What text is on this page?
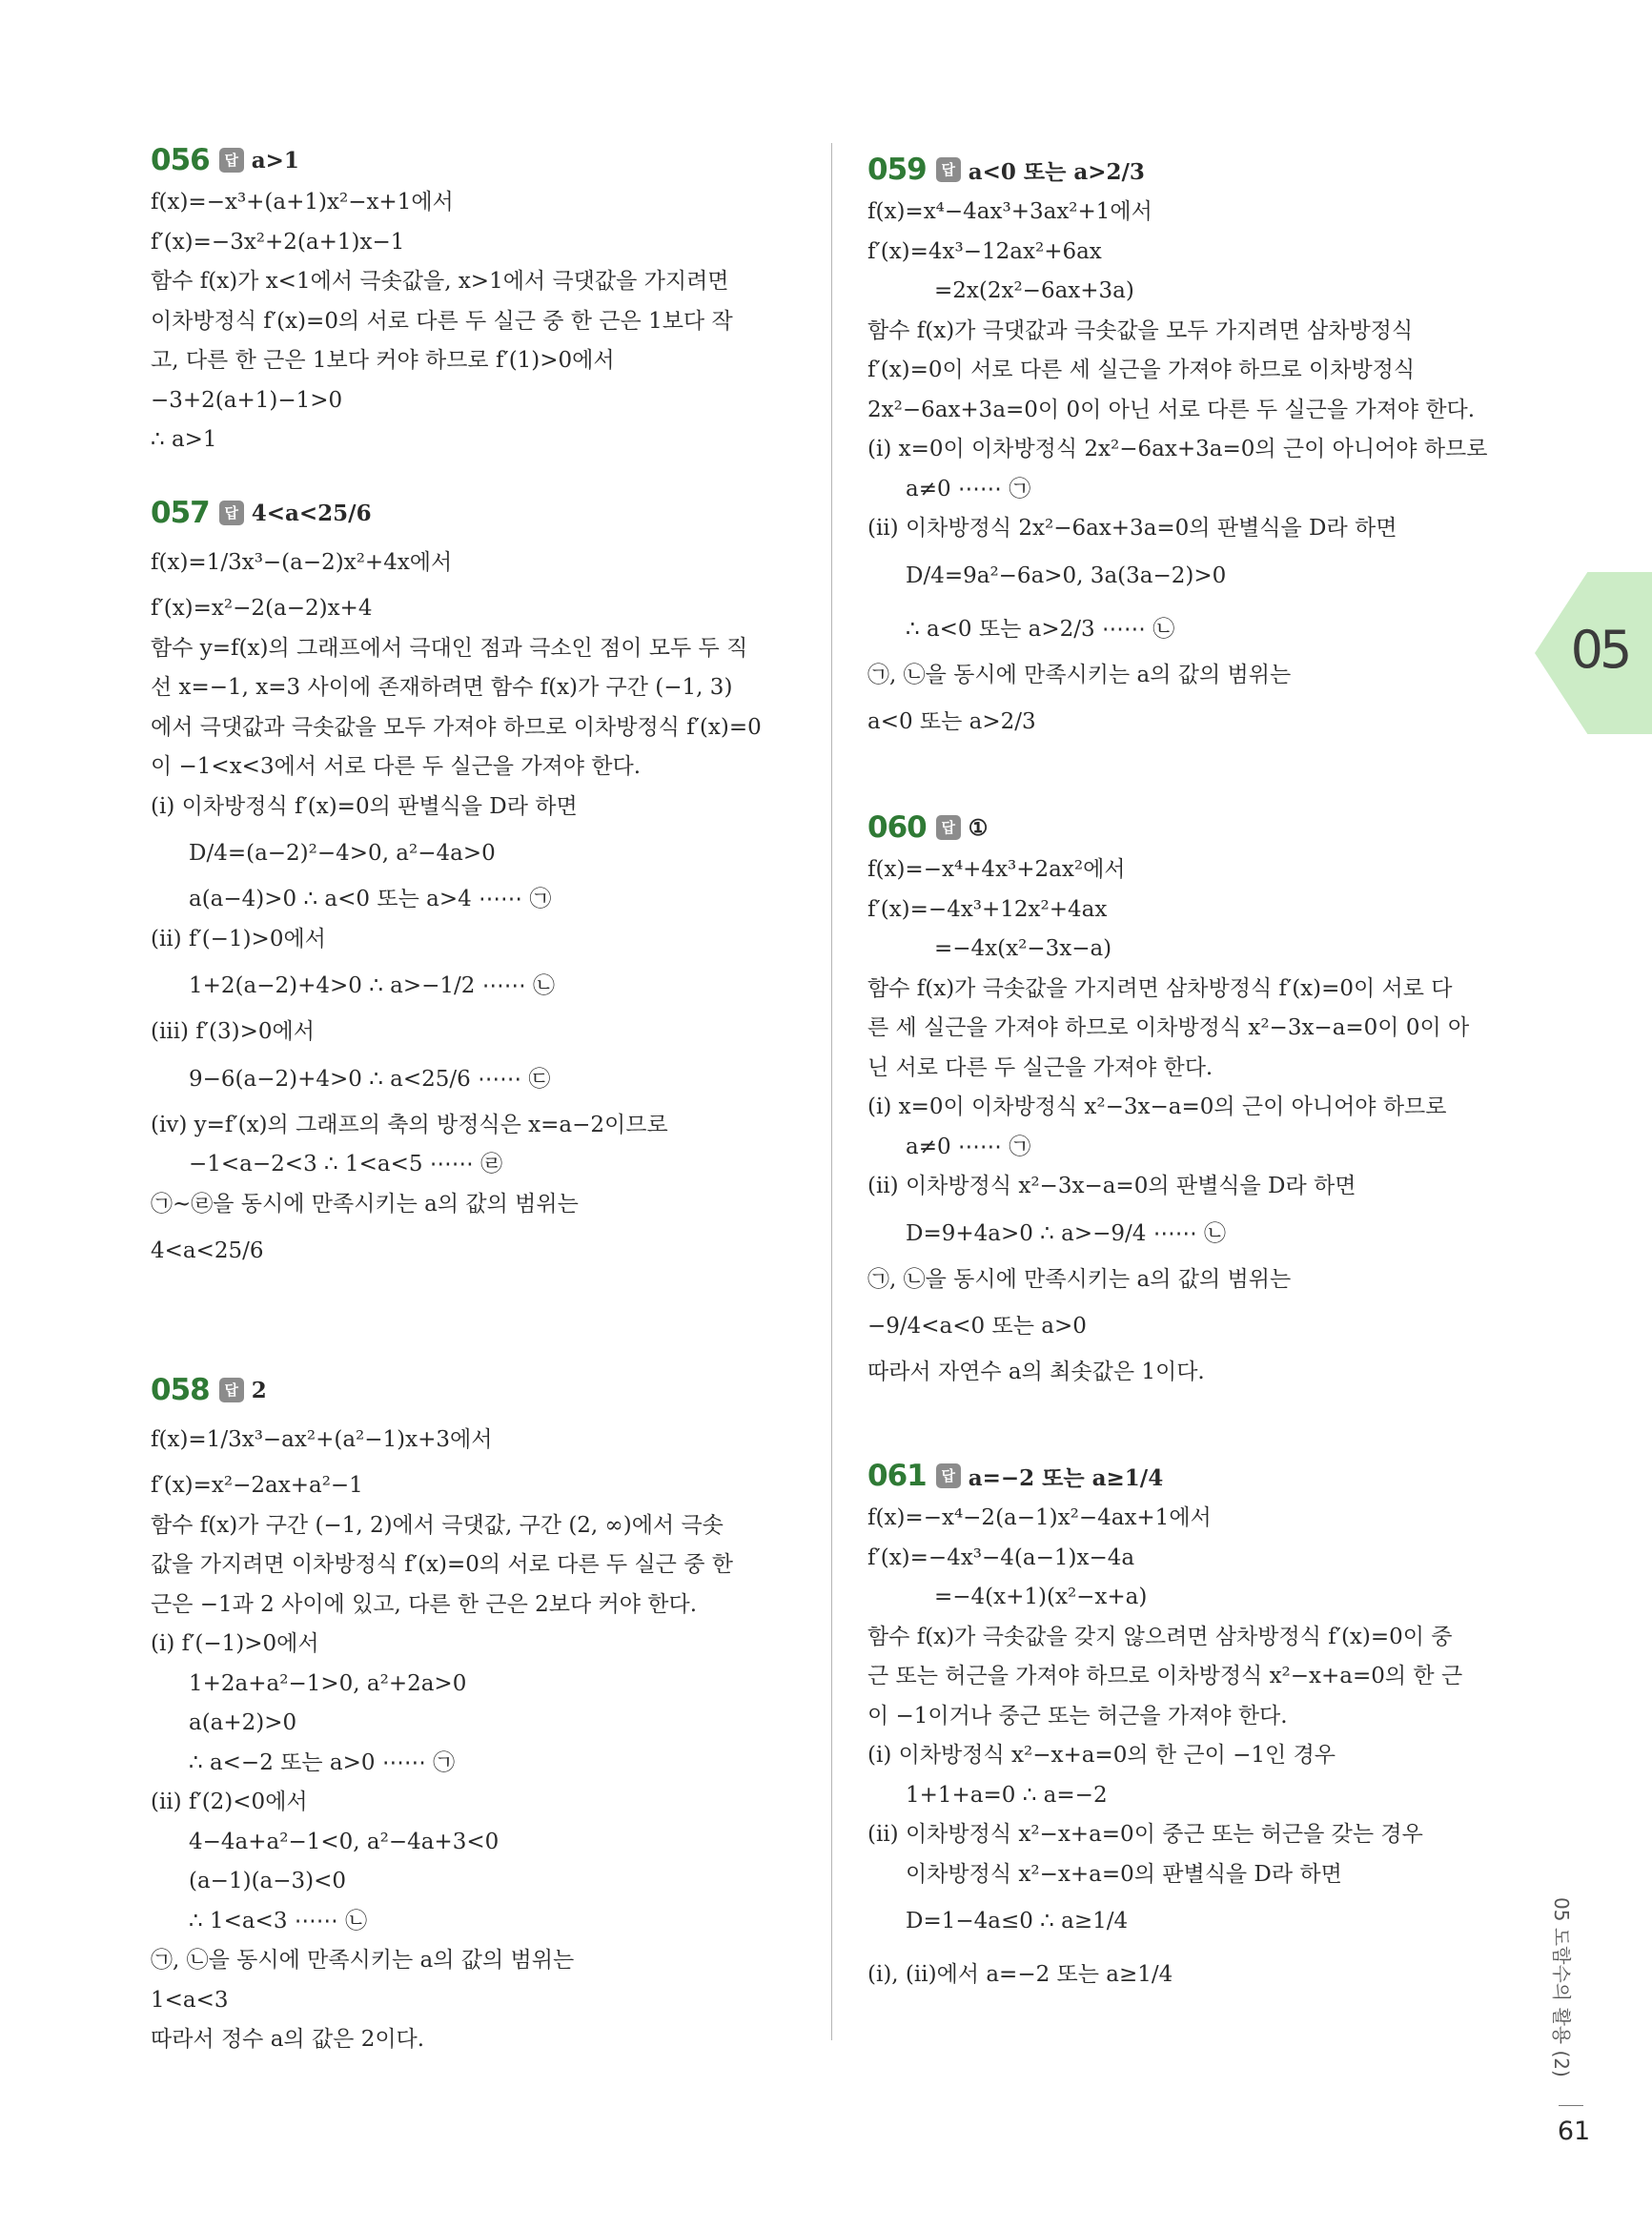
056	답 a>1
f(x)=−x³+(a+1)x²−x+1에서
f′(x)=−3x²+2(a+1)x−1
함수 f(x)가 x<1에서 극솟값을, x>1에서 극댓값을 가지려면
이차방정식 f′(x)=0의 서로 다른 두 실근 중 한 근은 1보다 작
고, 다른 한 근은 1보다 커야 하므로 f′(1)>0에서
−3+2(a+1)−1>0
∴ a>1
057	답 4<a<25/6
f(x)=1/3x³−(a−2)x²+4x에서
f′(x)=x²−2(a−2)x+4
함수 y=f(x)의 그래프에서 극대인 점과 극소인 점이 모두 두 직
선 x=−1, x=3 사이에 존재하려면 함수 f(x)가 구간 (−1, 3)
에서 극댓값과 극솟값을 모두 가져야 하므로 이차방정식 f′(x)=0
이 −1<x<3에서 서로 다른 두 실근을 가져야 한다.
(ⅰ) 이차방정식 f′(x)=0의 판별식을 D라 하면
D/4=(a−2)²−4>0, a²−4a>0
a(a−4)>0 ∴ a<0 또는 a>4 ⋯⋯ ㉠
(ⅱ) f′(−1)>0에서
1+2(a−2)+4>0 ∴ a>−1/2 ⋯⋯ ㉡
(ⅲ) f′(3)>0에서
9−6(a−2)+4>0 ∴ a<25/6 ⋯⋯ ㉢
(ⅳ) y=f′(x)의 그래프의 축의 방정식은 x=a−2이므로
−1<a−2<3 ∴ 1<a<5 ⋯⋯ ㉣
㉠~㉣을 동시에 만족시키는 a의 값의 범위는
4<a<25/6
058	답 2
f(x)=1/3x³−ax²+(a²−1)x+3에서
f′(x)=x²−2ax+a²−1
함수 f(x)가 구간 (−1, 2)에서 극댓값, 구간 (2, ∞)에서 극솟
값을 가지려면 이차방정식 f′(x)=0의 서로 다른 두 실근 중 한
근은 −1과 2 사이에 있고, 다른 한 근은 2보다 커야 한다.
(ⅰ) f′(−1)>0에서
1+2a+a²−1>0, a²+2a>0
a(a+2)>0
∴ a<−2 또는 a>0 ⋯⋯ ㉠
(ⅱ) f′(2)<0에서
4−4a+a²−1<0, a²−4a+3<0
(a−1)(a−3)<0
∴ 1<a<3 ⋯⋯ ㉡
㉠, ㉡을 동시에 만족시키는 a의 값의 범위는
1<a<3
따라서 정수 a의 값은 2이다.
059	답 a<0 또는 a>2/3
f(x)=x⁴−4ax³+3ax²+1에서
f′(x)=4x³−12ax²+6ax
=2x(2x²−6ax+3a)
함수 f(x)가 극댓값과 극솟값을 모두 가지려면 삼차방정식
f′(x)=0이 서로 다른 세 실근을 가져야 하므로 이차방정식
2x²−6ax+3a=0이 0이 아닌 서로 다른 두 실근을 가져야 한다.
(ⅰ) x=0이 이차방정식 2x²−6ax+3a=0의 근이 아니어야 하므로
a≠0 ⋯⋯ ㉠
(ⅱ) 이차방정식 2x²−6ax+3a=0의 판별식을 D라 하면
D/4=9a²−6a>0, 3a(3a−2)>0
∴ a<0 또는 a>2/3 ⋯⋯ ㉡
㉠, ㉡을 동시에 만족시키는 a의 값의 범위는
a<0 또는 a>2/3
060	답 ①
f(x)=−x⁴+4x³+2ax²에서
f′(x)=−4x³+12x²+4ax
=−4x(x²−3x−a)
함수 f(x)가 극솟값을 가지려면 삼차방정식 f′(x)=0이 서로 다
른 세 실근을 가져야 하므로 이차방정식 x²−3x−a=0이 0이 아
닌 서로 다른 두 실근을 가져야 한다.
(ⅰ) x=0이 이차방정식 x²−3x−a=0의 근이 아니어야 하므로
a≠0 ⋯⋯ ㉠
(ⅱ) 이차방정식 x²−3x−a=0의 판별식을 D라 하면
D=9+4a>0 ∴ a>−9/4 ⋯⋯ ㉡
㉠, ㉡을 동시에 만족시키는 a의 값의 범위는
−9/4<a<0 또는 a>0
따라서 자연수 a의 최솟값은 1이다.
061	답 a=−2 또는 a≥1/4
f(x)=−x⁴−2(a−1)x²−4ax+1에서
f′(x)=−4x³−4(a−1)x−4a
=−4(x+1)(x²−x+a)
함수 f(x)가 극솟값을 갖지 않으려면 삼차방정식 f′(x)=0이 중
근 또는 허근을 가져야 하므로 이차방정식 x²−x+a=0의 한 근
이 −1이거나 중근 또는 허근을 가져야 한다.
(ⅰ) 이차방정식 x²−x+a=0의 한 근이 −1인 경우
1+1+a=0 ∴ a=−2
(ⅱ) 이차방정식 x²−x+a=0이 중근 또는 허근을 갖는 경우
이차방정식 x²−x+a=0의 판별식을 D라 하면
D=1−4a≤0 ∴ a≥1/4
(ⅰ), (ⅱ)에서 a=−2 또는 a≥1/4
05
05 도함수의 활용 (2)
61
